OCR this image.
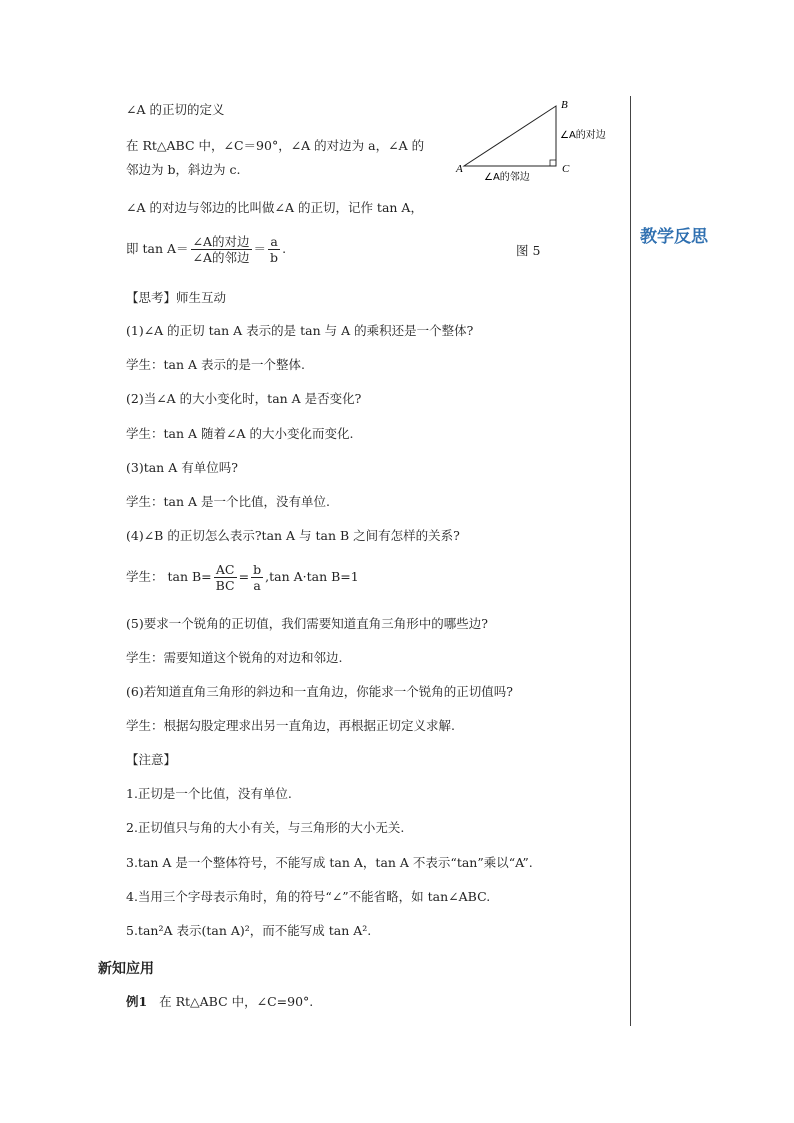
教学反思
∠A 的正切的定义
在 Rt△ABC 中，∠C＝90°，∠A 的对边为 a，∠A 的
邻边为 b，斜边为 c.
B
A	C
∠A的对边
∠A的邻边
∠A 的对边与邻边的比叫做∠A 的正切，记作 tan A，
即 $\tan A= \frac{\text{∠A的对边}}{\text{∠A的邻边}} = \frac{a}{b}$ .	图 5
【思考】师生互动
(1)∠A 的正切 tan A 表示的是 tan 与 A 的乘积还是一个整体?
学生：tan A 表示的是一个整体.
(2)当∠A 的大小变化时，tan A 是否变化?
学生：tan A 随着∠A 的大小变化而变化.
(3)tan A 有单位吗?
学生：tan A 是一个比值，没有单位.
(4)∠B 的正切怎么表示?tan A 与 tan B 之间有怎样的关系?
学生： $\tan B= \frac{AC}{BC} = \frac{b}{a} ,\tan$ A·tan B=1
(5)要求一个锐角的正切值，我们需要知道直角三角形中的哪些边?
学生：需要知道这个锐角的对边和邻边.
(6)若知道直角三角形的斜边和一直角边，你能求一个锐角的正切值吗?
学生：根据勾股定理求出另一直角边，再根据正切定义求解.
【注意】
1.正切是一个比值，没有单位.
2.正切值只与角的大小有关，与三角形的大小无关.
3.tan A 是一个整体符号，不能写成 tan A，tan A 不表示“tan”乘以“A”.
4.当用三个字母表示角时，角的符号“∠”不能省略，如 tan∠ABC.
5.tan²A 表示(tan A)²，而不能写成 tan A².
新知应用
例1 在 Rt△ABC 中，∠C=90°.
